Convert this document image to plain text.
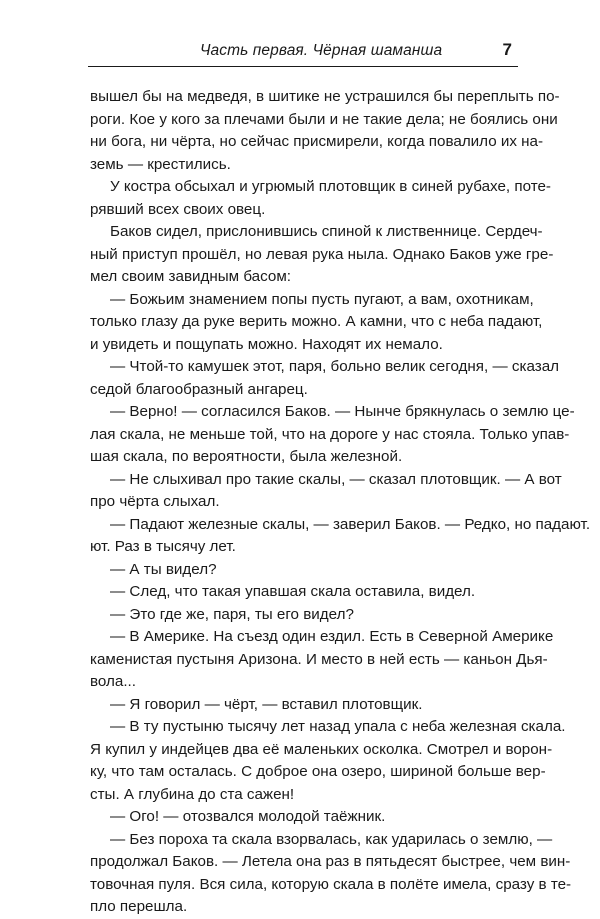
Часть первая. Чёрная шаманша	7
вышел бы на медведя, в шитике не устрашился бы переплыть по-
роги. Кое у кого за плечами были и не такие дела; не боялись они
ни бога, ни чёрта, но сейчас присмирели, когда повалило их на-
земь — крестились.
У костра обсыхал и угрюмый плотовщик в синей рубахе, поте-
рявший всех своих овец.
Баков сидел, прислонившись спиной к лиственнице. Сердеч-
ный приступ прошёл, но левая рука ныла. Однако Баков уже гре-
мел своим завидным басом:
— Божьим знамением попы пусть пугают, а вам, охотникам,
только глазу да руке верить можно. А камни, что с неба падают,
и увидеть и пощупать можно. Находят их немало.
— Чтой-то камушек этот, паря, больно велик сегодня, — сказал
седой благообразный ангарец.
— Верно! — согласился Баков. — Нынче брякнулась о землю це-
лая скала, не меньше той, что на дороге у нас стояла. Только упав-
шая скала, по вероятности, была железной.
— Не слыхивал про такие скалы, — сказал плотовщик. — А вот
про чёрта слыхал.
— Падают железные скалы, — заверил Баков. — Редко, но падают.
ют. Раз в тысячу лет.
— А ты видел?
— След, что такая упавшая скала оставила, видел.
— Это где же, паря, ты его видел?
— В Америке. На съезд один ездил. Есть в Северной Америке
каменистая пустыня Аризона. И место в ней есть — каньон Дья-
вола...
— Я говорил — чёрт, — вставил плотовщик.
— В ту пустыню тысячу лет назад упала с неба железная скала.
Я купил у индейцев два её маленьких осколка. Смотрел и ворон-
ку, что там осталась. С доброе она озеро, шириной больше вер-
сты. А глубина до ста сажен!
— Ого! — отозвался молодой таёжник.
— Без пороха та скала взорвалась, как ударилась о землю, —
продолжал Баков. — Летела она раз в пятьдесят быстрее, чем вин-
товочная пуля. Вся сила, которую скала в полёте имела, сразу в те-
пло перешла.
